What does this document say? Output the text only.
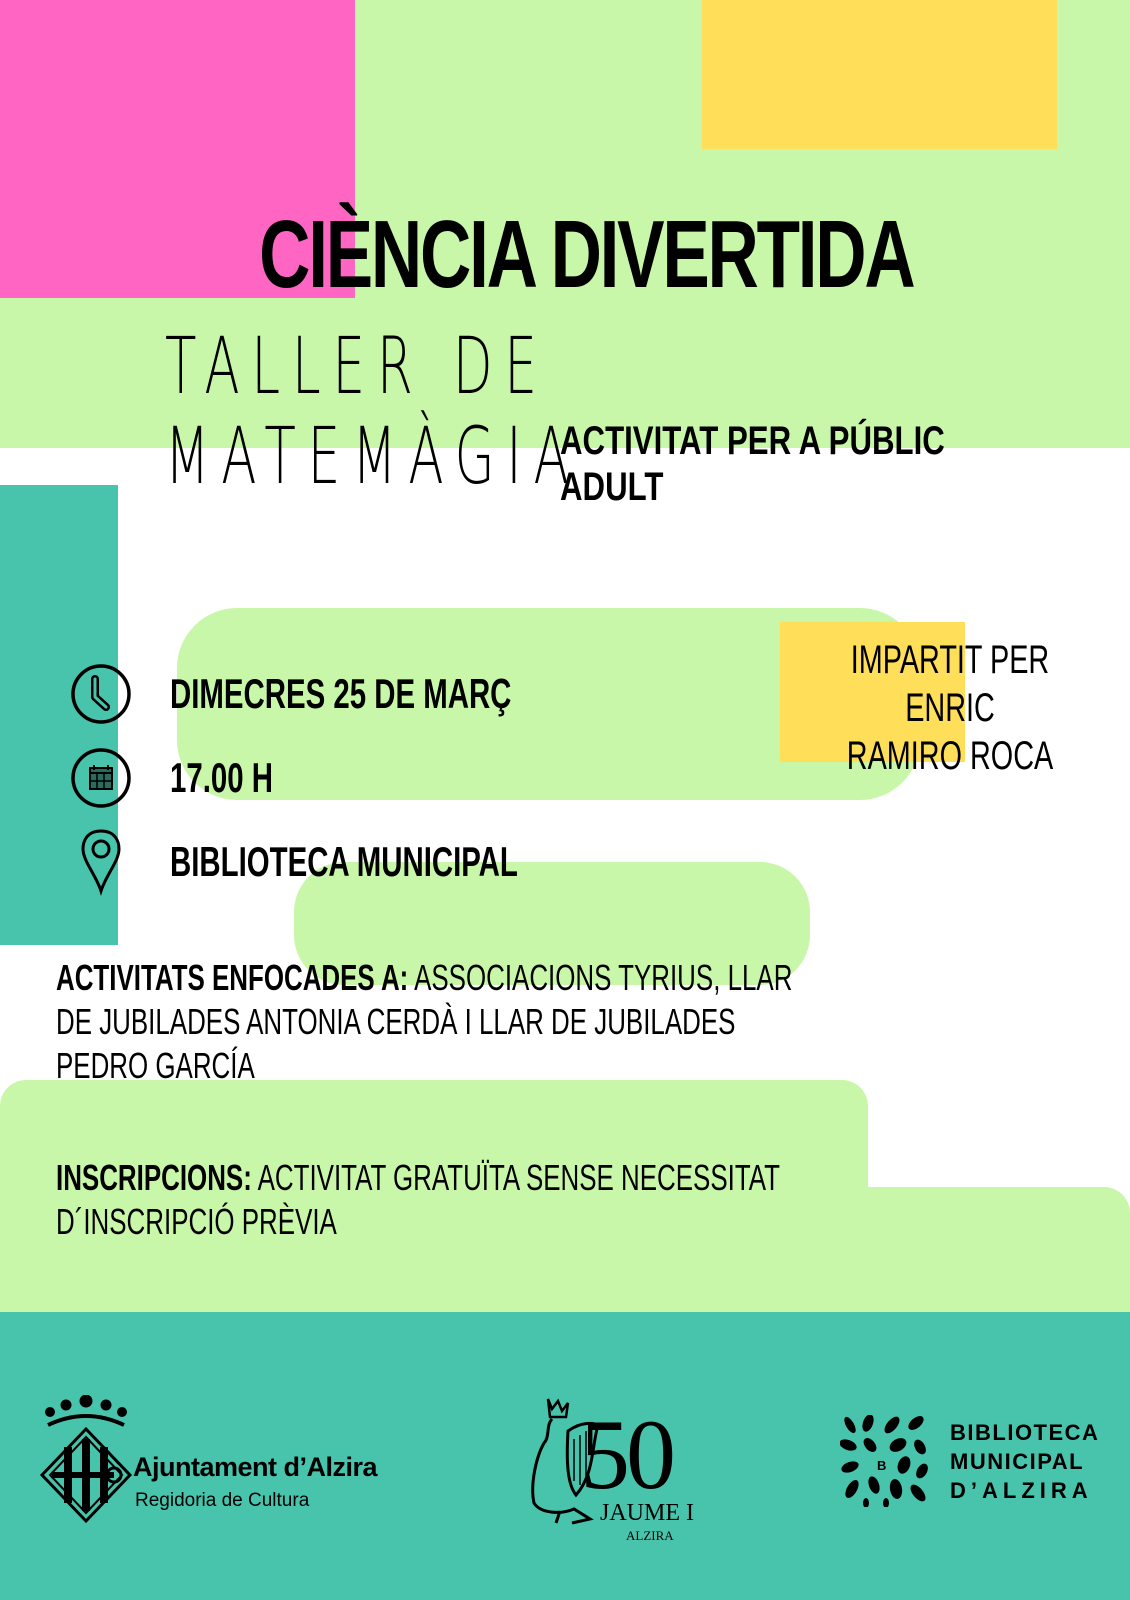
CIÈNCIA DIVERTIDA
TALLER DE MATEMÀGIA
ACTIVITAT PER A PÚBLIC ADULT
IMPARTIT PER ENRIC
RAMIRO ROCA
DIMECRES 25 DE MARÇ
17.00 H
BIBLIOTECA MUNICIPAL
ACTIVITATS ENFOCADES A: ASSOCIACIONS TYRIUS, LLAR
DE JUBILADES ANTONIA CERDÀ I LLAR DE JUBILADES
PEDRO GARCÍA
INSCRIPCIONS: ACTIVITAT GRATUÏTA SENSE NECESSITAT
D´INSCRIPCIÓ PRÈVIA
Ajuntament d’Alzira
Regidoria de Cultura	50
JAUME I
ALZIRA
B
BIBLIOTECA
MUNICIPAL
D’ALZIRA
